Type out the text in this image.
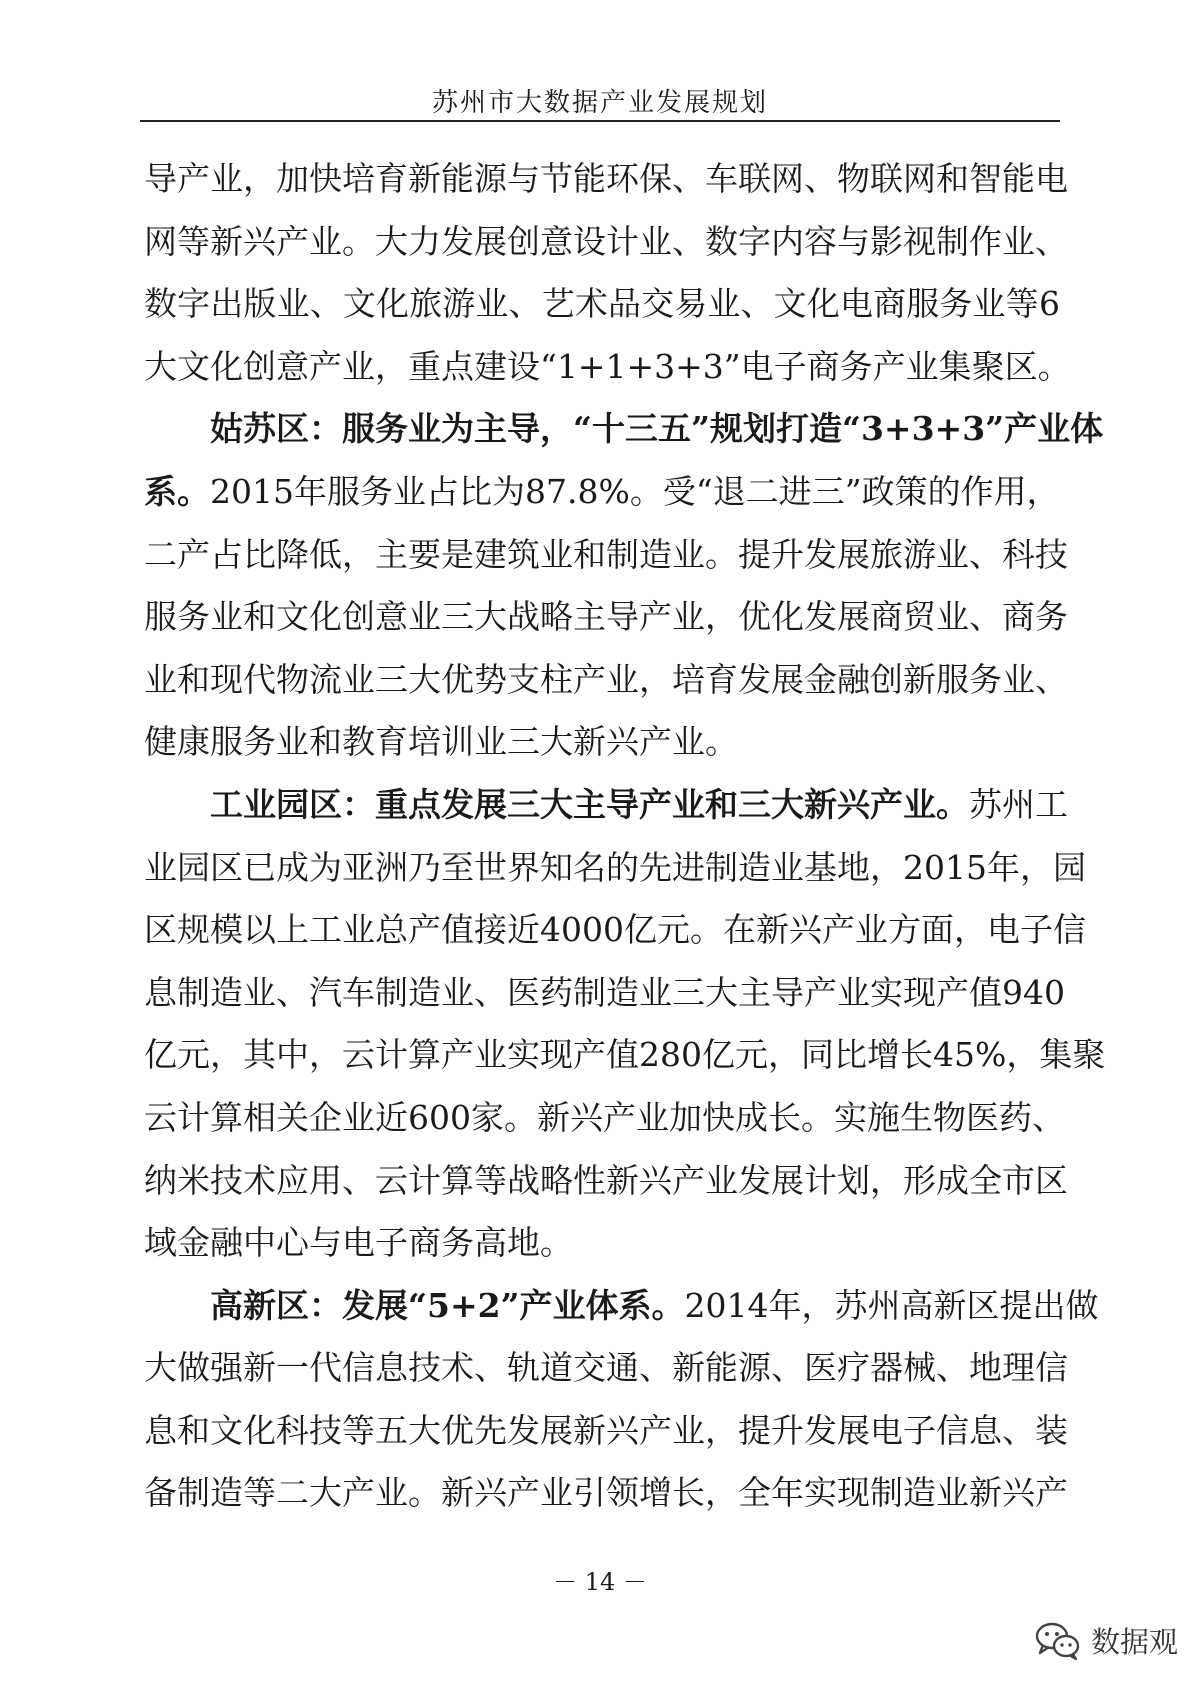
苏州市大数据产业发展规划
导 产 业 ， 加 快 培 育 新 能 源 与 节 能 环 保 、 车 联 网 、 物 联 网 和 智 能 电
网 等 新 兴 产 业 。 大 力 发 展 创 意 设 计 业 、 数 字 内 容 与 影 视 制 作 业 、
数 字 出 版 业 、 文 化 旅 游 业 、 艺 术 品 交 易 业 、 文 化 电 商 服 务 业 等 6
大文化创意产业，重点建设“1+1+3+3”电子商务产业集聚区。
姑 苏 区 ： 服 务 业 为 主 导 ， “ 十 三 五 ” 规 划 打 造 “ 3 + 3 + 3 ” 产 业 体
系。 2 0 1 5 年 服 务 业 占 比 为 8 7 . 8 % 。 受 “ 退 二 进 三 ” 政 策 的 作 用 ，
二 产 占 比 降 低 ， 主 要 是 建 筑 业 和 制 造 业 。 提 升 发 展 旅 游 业 、 科 技
服 务 业 和 文 化 创 意 业 三 大 战 略 主 导 产 业 ， 优 化 发 展 商 贸 业 、 商 务
业 和 现 代 物 流 业 三 大 优 势 支 柱 产 业 ， 培 育 发 展 金 融 创 新 服 务 业 、
健康服务业和教育培训业三大新兴产业。
工业园区：重点发展三大主导产业和三大新兴产业。 苏 州 工
业 园 区 已 成 为 亚 洲 乃 至 世 界 知 名 的 先 进 制 造 业 基 地 ， 2 0 1 5 年 ， 园
区 规 模 以 上 工 业 总 产 值 接 近 4 0 0 0 亿 元 。 在 新 兴 产 业 方 面 ， 电 子 信
息 制 造 业 、 汽 车 制 造 业 、 医 药 制 造 业 三 大 主 导 产 业 实 现 产 值 9 4 0
亿 元 ， 其 中 ， 云 计 算 产 业 实 现 产 值 2 8 0 亿 元 ， 同 比 增 长 4 5 % ， 集 聚
云 计 算 相 关 企 业 近 6 0 0 家 。 新 兴 产 业 加 快 成 长 。 实 施 生 物 医 药 、
纳 米 技 术 应 用 、 云 计 算 等 战 略 性 新 兴 产 业 发 展 计 划 ， 形 成 全 市 区
域金融中心与电子商务高地。
高新区：发展“5+2”产业体系。 2 0 1 4 年 ， 苏 州 高 新 区 提 出 做
大 做 强 新 一 代 信 息 技 术 、 轨 道 交 通 、 新 能 源 、 医 疗 器 械 、 地 理 信
息 和 文 化 科 技 等 五 大 优 先 发 展 新 兴 产 业 ， 提 升 发 展 电 子 信 息 、 装
备 制 造 等 二 大 产 业 。 新 兴 产 业 引 领 增 长 ， 全 年 实 现 制 造 业 新 兴 产
－ 14 －
数据观
